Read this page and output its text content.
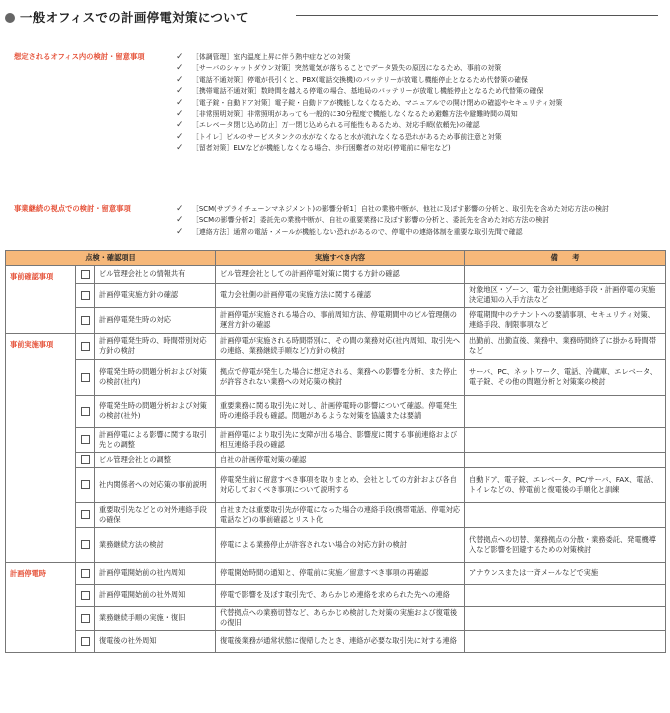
一般オフィスでの計画停電対策について
想定されるオフィス内の検討・留意事項	✓	［体調管理］室内温度上昇に伴う熱中症などの対策
✓	［サーバのシャットダウン対策］突然電気が落ちることでデータ毀失の原因になるため、事前の対策
✓	［電話不通対策］停電が長引くと、PBX(電話交換機)のバッテリーが放電し機能停止となるため代替策の確保
✓	［携帯電話不通対策］数時間を越える停電の場合、基地局のバッテリーが放電し機能停止となるため代替策の確保
✓	［電子錠・自動ドア対策］電子錠・自動ドアが機能しなくなるため、マニュアルでの開け閉めの確認やセキュリティ対策
✓	［非常照明対策］非常照明があっても一般的に30分程度で機能しなくなるため避難方法や避難時間の周知
✓	［エレベータ閉じ込め防止］万一閉じ込められる可能性もあるため、対応手順(依頼先)の確認
✓	［トイレ］ビルのサービスタンクの水がなくなると水が流れなくなる恐れがあるため事前注意と対策
✓	［留者対策］ELVなどが機能しなくなる場合、歩行困難者の対応(停電前に帰宅など)
事業継続の視点での検討・留意事項	✓	［SCM(サプライチェーンマネジメント)の影響分析1］自社の業務中断が、他社に及ぼす影響の分析と、取引先を含めた対応方法の検討
✓	［SCMの影響分析2］委託先の業務中断が、自社の重要業務に及ぼす影響の分析と、委託先を含めた対応方法の検討
✓	［連絡方法］通常の電話・メールが機能しない恐れがあるので、停電中の連絡体制を重要な取引先間で確認
点検・確認項目			実施すべき内容	備　　考
事前確認事項		ビル管理会社との情報共有	ビル管理会社としての計画停電対策に関する方針の確認	
		計画停電実施方針の確認	電力会社側の計画停電の実施方法に関する確認	対象地区・ゾーン、電力会社側連絡手段・計画停電の実施決定通知の入手方法など
		計画停電発生時の対応	計画停電が実施される場合の、事前周知方法、停電期間中のビル管理側の運営方針の確認	停電期間中のテナントへの要請事項、セキュリティ対策、連絡手段、制限事項など
事前実施事項		計画停電発生時の、時間帯別対応方針の検討	計画停電が実施される時間帯別に、その間の業務対応(社内周知、取引先への連絡、業務継続手順など)方針の検討	出勤前、出勤直後、業務中、業務時間終了に掛かる時間帯など
		停電発生時の問題分析および対策の検討(社内)	拠点で停電が発生した場合に想定される、業務への影響を分析、また停止が許容されない業務への対応策の検討	サーバ、PC、ネットワーク、電話、冷蔵庫、エレベータ、電子錠、その他の問題分析と対策案の検討
		停電発生時の問題分析および対策の検討(社外)	重要業務に関る取引先に対し、計画停電時の影響について確認。停電発生時の連絡手段も確認。問題があるような対策を協議または要請	
		計画停電による影響に関する取引先との調整	計画停電により取引先に支障が出る場合、影響度に関する事前連絡および相互連絡手段の確認	
		ビル管理会社との調整	自社の計画停電対策の確認	
		社内関係者への対応策の事前説明	停電発生前に留意すべき事項を取りまとめ、会社としての方針および各自対応しておくべき事項について説明する	自動ドア、電子錠、エレベータ、PC/サーバ、FAX、電話、トイレなどの、停電前と復電後の手順化と訓練
		重要取引先などとの対外連絡手段の確保	自社または重要取引先が停電になった場合の連絡手段(携帯電話、停電対応電話など)の事前確認とリスト化	
		業務継続方法の検討	停電による業務停止が許容されない場合の対応方針の検討	代替拠点への切替、業務拠点の分散・業務委託、発電機導入など影響を回避するための対策検討
計画停電時		計画停電開始前の社内周知	停電開始時間の通知と、停電前に実施／留意すべき事項の再確認	アナウンスまたは一斉メールなどで実施
		計画停電開始前の社外周知	停電で影響を及ぼす取引先で、あらかじめ連絡を求められた先への連絡	
		業務継続手順の実施・復旧	代替拠点への業務切替など、あらかじめ検討した対策の実施および復電後の復旧	
		復電後の社外周知	復電後業務が通常状態に復帰したとき、連絡が必要な取引先に対する連絡	
